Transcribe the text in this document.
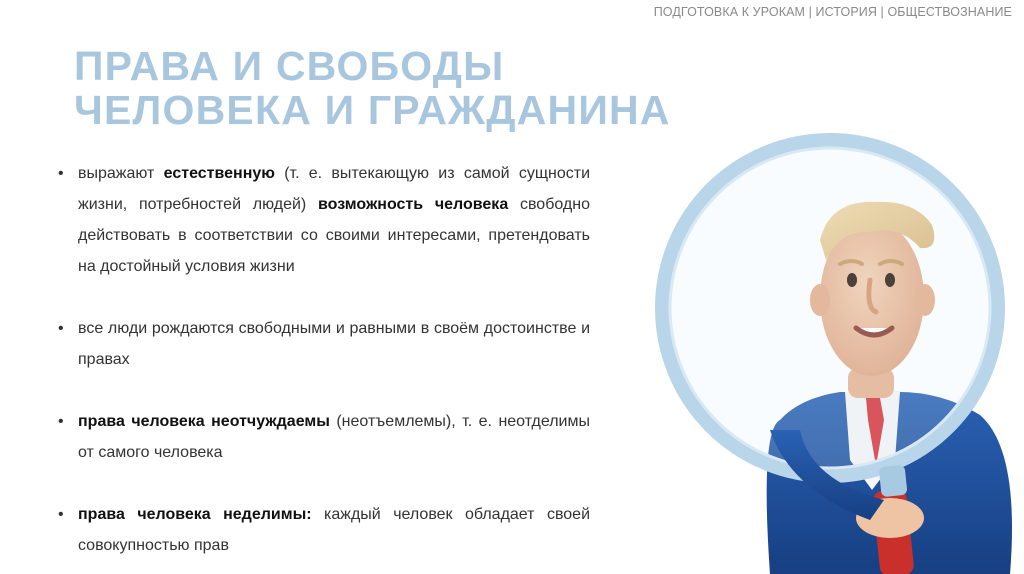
ПОДГОТОВКА К УРОКАМ | ИСТОРИЯ | ОБЩЕСТВОЗНАНИЕ
ПРАВА И СВОБОДЫ
ЧЕЛОВЕКА И ГРАЖДАНИНА
• выражают естественную (т. е. вытекающую из самой сущности жизни, потребностей людей) возможность человека свободно действовать в соответствии со своими интересами, претендовать на достойный условия жизни
• все люди рождаются свободными и равными в своём достоинстве и правах
• права человека неотчуждаемы (неотъемлемы), т. е. неотделимы от самого человека
• права человека неделимы: каждый человек обладает своей совокупностью прав
